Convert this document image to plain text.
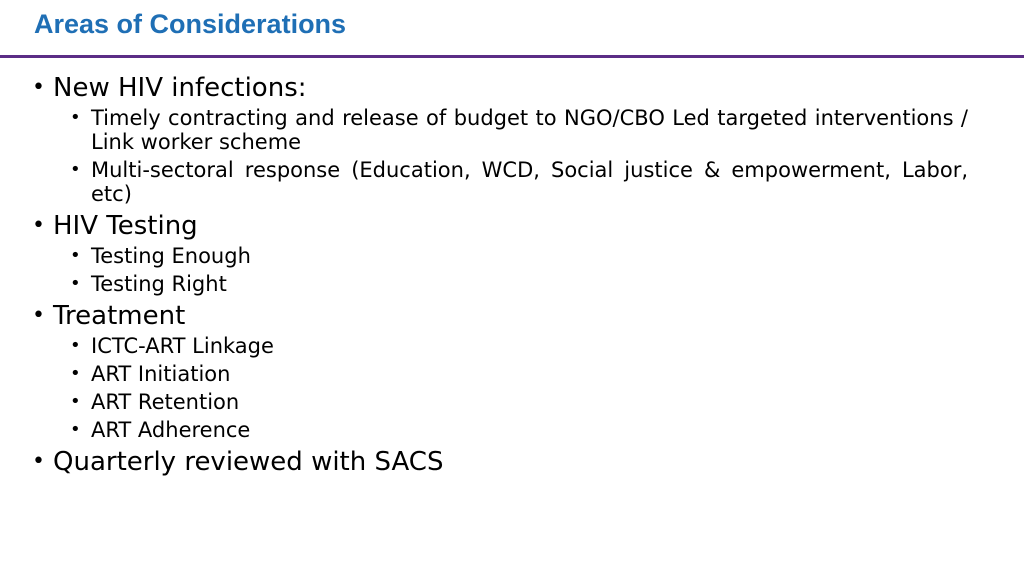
Areas of Considerations
• New HIV infections:
• Timely contracting and release of budget to NGO/CBO Led targeted interventions / Link worker scheme
• Multi-sectoral response (Education, WCD, Social justice & empowerment, Labor, etc)
• HIV Testing
• Testing Enough
• Testing Right
• Treatment
• ICTC-ART Linkage
• ART Initiation
• ART Retention
• ART Adherence
• Quarterly reviewed with SACS
